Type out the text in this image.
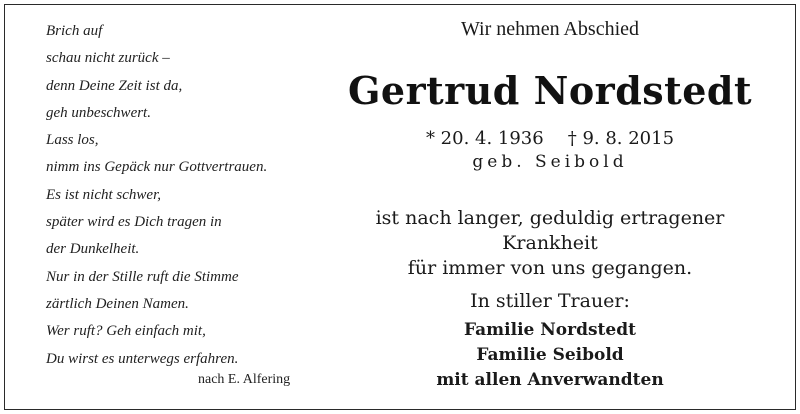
Brich auf
schau nicht zurück –
denn Deine Zeit ist da,
geh unbeschwert.
Lass los,
nimm ins Gepäck nur Gottvertrauen.
Es ist nicht schwer,
später wird es Dich tragen in
der Dunkelheit.
Nur in der Stille ruft die Stimme
zärtlich Deinen Namen.
Wer ruft? Geh einfach mit,
Du wirst es unterwegs erfahren.
nach E. Alfering
Wir nehmen Abschied
Gertrud Nordstedt
* 20. 4. 1936 † 9. 8. 2015
geb. Seibold
ist nach langer, geduldig ertragener Krankheit
für immer von uns gegangen.
In stiller Trauer:
Familie Nordstedt
Familie Seibold
mit allen Anverwandten
